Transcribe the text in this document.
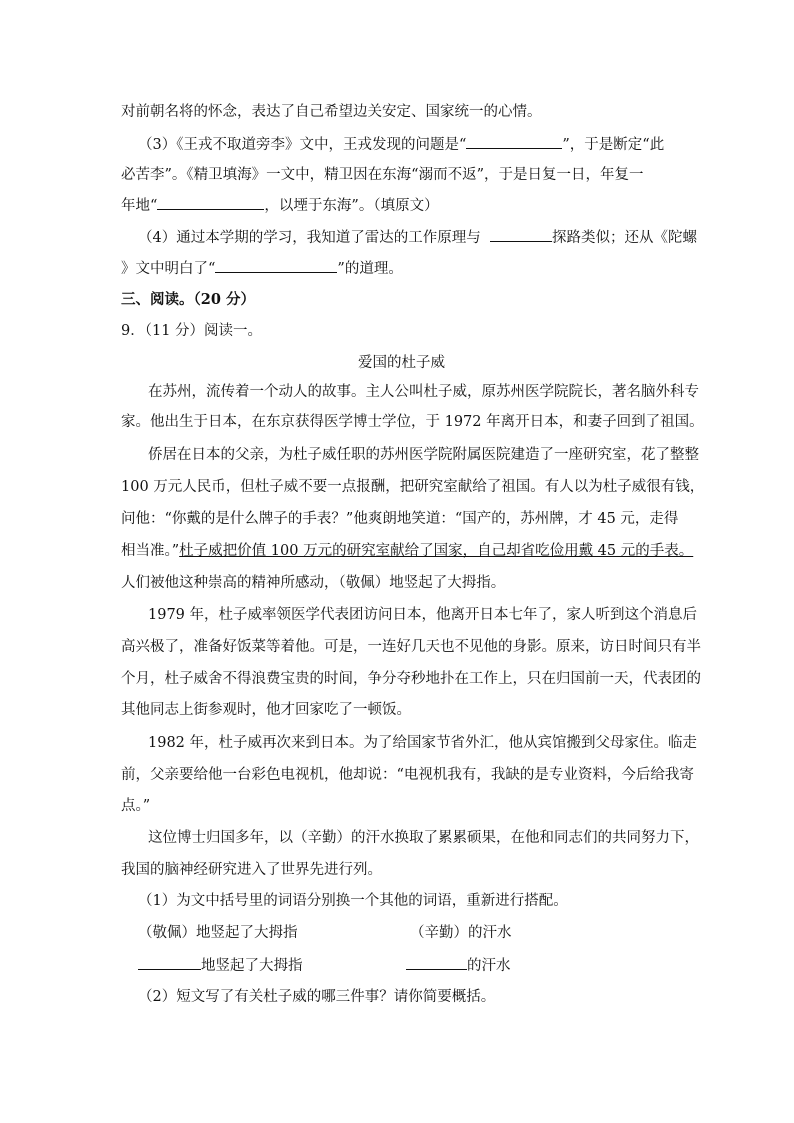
对前朝名将的怀念，表达了自己希望边关安定、国家统一的心情。
（3）《王戎不取道旁李》文中，王戎发现的问题是“	”，于是断定“此
必苦李”。《精卫填海》一文中，精卫因在东海“溺而不返”，于是日复一日，年复一
年地“	，以堙于东海”。（填原文）
（4）通过本学期的学习，我知道了雷达的工作原理与	探路类似；还从《陀螺
》文中明白了“	”的道理。
三、阅读。（20 分）
9．（11 分）阅读一。
爱国的杜子威
在苏州，流传着一个动人的故事。主人公叫杜子威，原苏州医学院院长，著名脑外科专
家。他出生于日本，在东京获得医学博士学位，于 1972 年离开日本，和妻子回到了祖国。
侨居在日本的父亲，为杜子威任职的苏州医学院附属医院建造了一座研究室，花了整整
100 万元人民币，但杜子威不要一点报酬，把研究室献给了祖国。有人以为杜子威很有钱，
问他：“你戴的是什么牌子的手表？”他爽朗地笑道：“国产的，苏州牌，才 45 元，走得
相当准。”杜子威把价值 100 万元的研究室献给了国家，自己却省吃俭用戴 45 元的手表。
人们被他这种崇高的精神所感动，（敬佩）地竖起了大拇指。
1979 年，杜子威率领医学代表团访问日本，他离开日本七年了，家人听到这个消息后
高兴极了，准备好饭菜等着他。可是，一连好几天也不见他的身影。原来，访日时间只有半
个月，杜子威舍不得浪费宝贵的时间，争分夺秒地扑在工作上，只在归国前一天，代表团的
其他同志上街参观时，他才回家吃了一顿饭。
1982 年，杜子威再次来到日本。为了给国家节省外汇，他从宾馆搬到父母家住。临走
前，父亲要给他一台彩色电视机，他却说：“电视机我有，我缺的是专业资料，今后给我寄
点。”
这位博士归国多年，以（辛勤）的汗水换取了累累硕果，在他和同志们的共同努力下，
我国的脑神经研究进入了世界先进行列。
（1）为文中括号里的词语分别换一个其他的词语，重新进行搭配。
（敬佩）地竖起了大拇指	（辛勤）的汗水
地竖起了大拇指	的汗水
（2）短文写了有关杜子威的哪三件事？请你简要概括。
